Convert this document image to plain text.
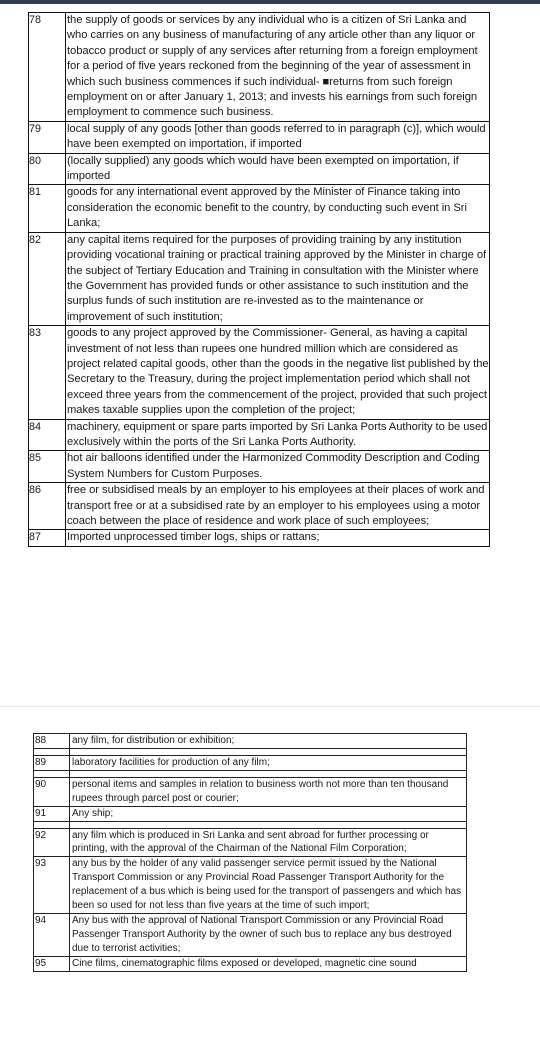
78	the supply of goods or services by any individual who is a citizen of Sri Lanka and who carries on any business of manufacturing of any article other than any liquor or tobacco product or supply of any services after returning from a foreign employment for a period of five years reckoned from the beginning of the year of assessment in which such business commences if such individual- ■returns from such foreign employment on or after January 1, 2013; and invests his earnings from such foreign employment to commence such business.
79	local supply of any goods [other than goods referred to in paragraph (c)], which would have been exempted on importation, if imported
80	(locally supplied) any goods which would have been exempted on importation, if imported
81	goods for any international event approved by the Minister of Finance taking into consideration the economic benefit to the country, by conducting such event in Sri Lanka;
82	any capital items required for the purposes of providing training by any institution providing vocational training or practical training approved by the Minister in charge of the subject of Tertiary Education and Training in consultation with the Minister where the Government has provided funds or other assistance to such institution and the surplus funds of such institution are re-invested as to the maintenance or improvement of such institution;
83	goods to any project approved by the Commissioner- General, as having a capital investment of not less than rupees one hundred million which are considered as project related capital goods, other than the goods in the negative list published by the Secretary to the Treasury, during the project implementation period which shall not exceed three years from the commencement of the project, provided that such project makes taxable supplies upon the completion of the project;
84	machinery, equipment or spare parts imported by Sri Lanka Ports Authority to be used exclusively within the ports of the Sri Lanka Ports Authority.
85	hot air balloons identified under the Harmonized Commodity Description and Coding System Numbers for Custom Purposes.
86	free or subsidised meals by an employer to his employees at their places of work and transport free or at a subsidised rate by an employer to his employees using a motor coach between the place of residence and work place of such employees;
87	Imported unprocessed timber logs, ships or rattans;
88	any film, for distribution or exhibition;

89	laboratory facilities for production of any film;

90	personal items and samples in relation to business worth not more than ten thousand rupees through parcel post or courier;
91	Any ship;

92	any film which is produced in Sri Lanka and sent abroad for further processing or printing, with the approval of the Chairman of the National Film Corporation;
93	any bus by the holder of any valid passenger service permit issued by the National Transport Commission or any Provincial Road Passenger Transport Authority for the replacement of a bus which is being used for the transport of passengers and which has been so used for not less than five years at the time of such import;
94	Any bus with the approval of National Transport Commission or any Provincial Road Passenger Transport Authority by the owner of such bus to replace any bus destroyed due to terrorist activities;
95	Cine films, cinematographic films exposed or developed, magnetic cine sound
